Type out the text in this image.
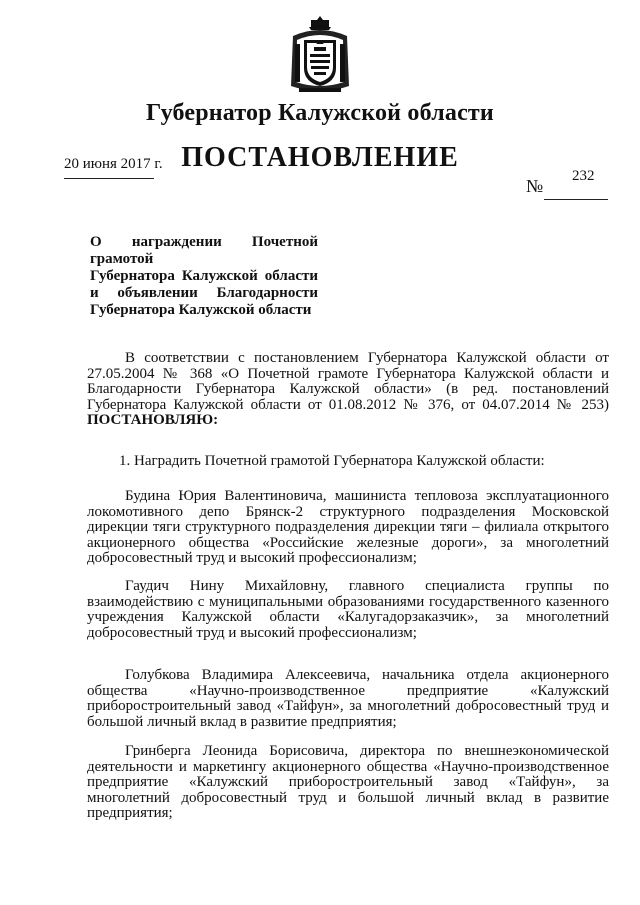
Губернатор Калужской области
ПОСТАНОВЛЕНИЕ
20 июня 2017 г.
№ 232
О награждении Почетной грамотой
Губернатора Калужской области
и объявлении Благодарности
Губернатора Калужской области
В соответствии с постановлением Губернатора Калужской области от 27.05.2004 № 368 «О Почетной грамоте Губернатора Калужской области и Благодарности Губернатора Калужской области» (в ред. постановлений Губернатора Калужской области от 01.08.2012 № 376, от 04.07.2014 № 253) ПОСТАНОВЛЯЮ:
1. Наградить Почетной грамотой Губернатора Калужской области:
Будина Юрия Валентиновича, машиниста тепловоза эксплуатационного локомотивного депо Брянск-2 структурного подразделения Московской дирекции тяги структурного подразделения дирекции тяги – филиала открытого акционерного общества «Российские железные дороги», за многолетний добросовестный труд и высокий профессионализм;
Гаудич Нину Михайловну, главного специалиста группы по взаимодействию с муниципальными образованиями государственного казенного учреждения Калужской области «Калугадорзаказчик», за многолетний добросовестный труд и высокий профессионализм;
Голубкова Владимира Алексеевича, начальника отдела акционерного общества «Научно-производственное предприятие «Калужский приборостроительный завод «Тайфун», за многолетний добросовестный труд и большой личный вклад в развитие предприятия;
Гринберга Леонида Борисовича, директора по внешнеэкономической деятельности и маркетингу акционерного общества «Научно-производственное предприятие «Калужский приборостроительный завод «Тайфун», за многолетний добросовестный труд и большой личный вклад в развитие предприятия;
